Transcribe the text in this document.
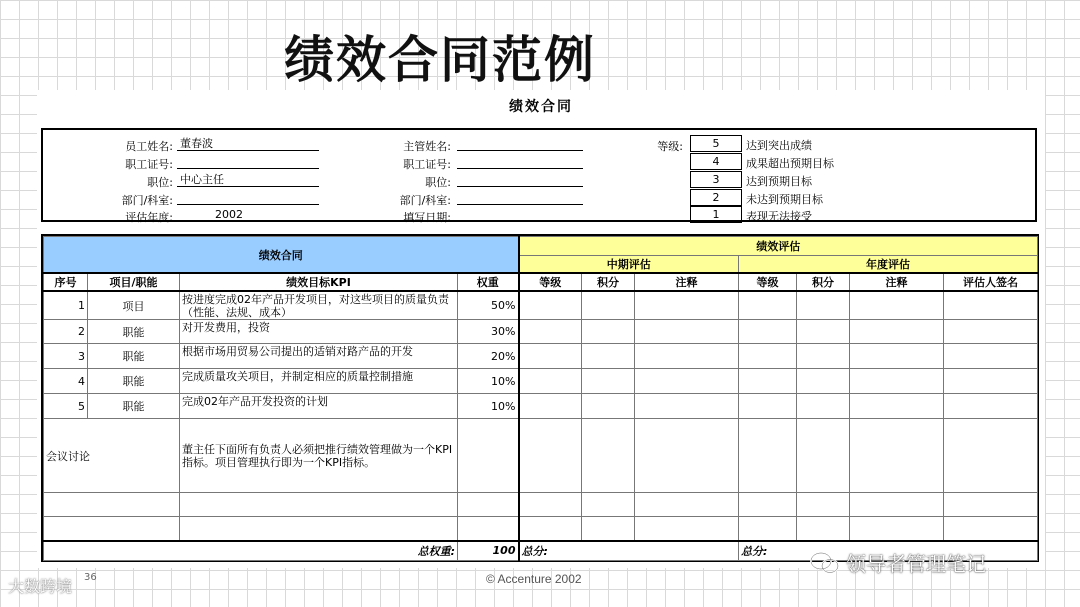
绩效合同范例
绩效合同
员工姓名: 董春波
职工证号:
职位: 中心主任
部门/科室:
评估年度:	2002
主管姓名:
职工证号:
职位:
部门/科室:
填写日期:
等级:	5	达到突出成绩
4	成果超出预期目标
3	达到预期目标
2	未达到预期目标
1	表现无法接受
绩效合同				绩效评估						
				中期评估			年度评估			
序号	项目/职能	绩效目标KPI	权重	等级	积分	注释	等级	积分	注释	评估人签名
1	项目	按进度完成02年产品开发项目，对这些项目的质量负责（性能、法规、成本）	50%							
2	职能	对开发费用，投资	30%							
3	职能	根据市场用贸易公司提出的适销对路产品的开发	20%							
4	职能	完成质量攻关项目，并制定相应的质量控制措施	10%							
5	职能	完成02年产品开发投资的计划	10%							
会议讨论		董主任下面所有负责人必须把推行绩效管理做为一个KPI指标。项目管理执行即为一个KPI指标。								

总权重:			100	总分:			总分:			
大数跨境 36	© Accenture 2002
领导者管理笔记
